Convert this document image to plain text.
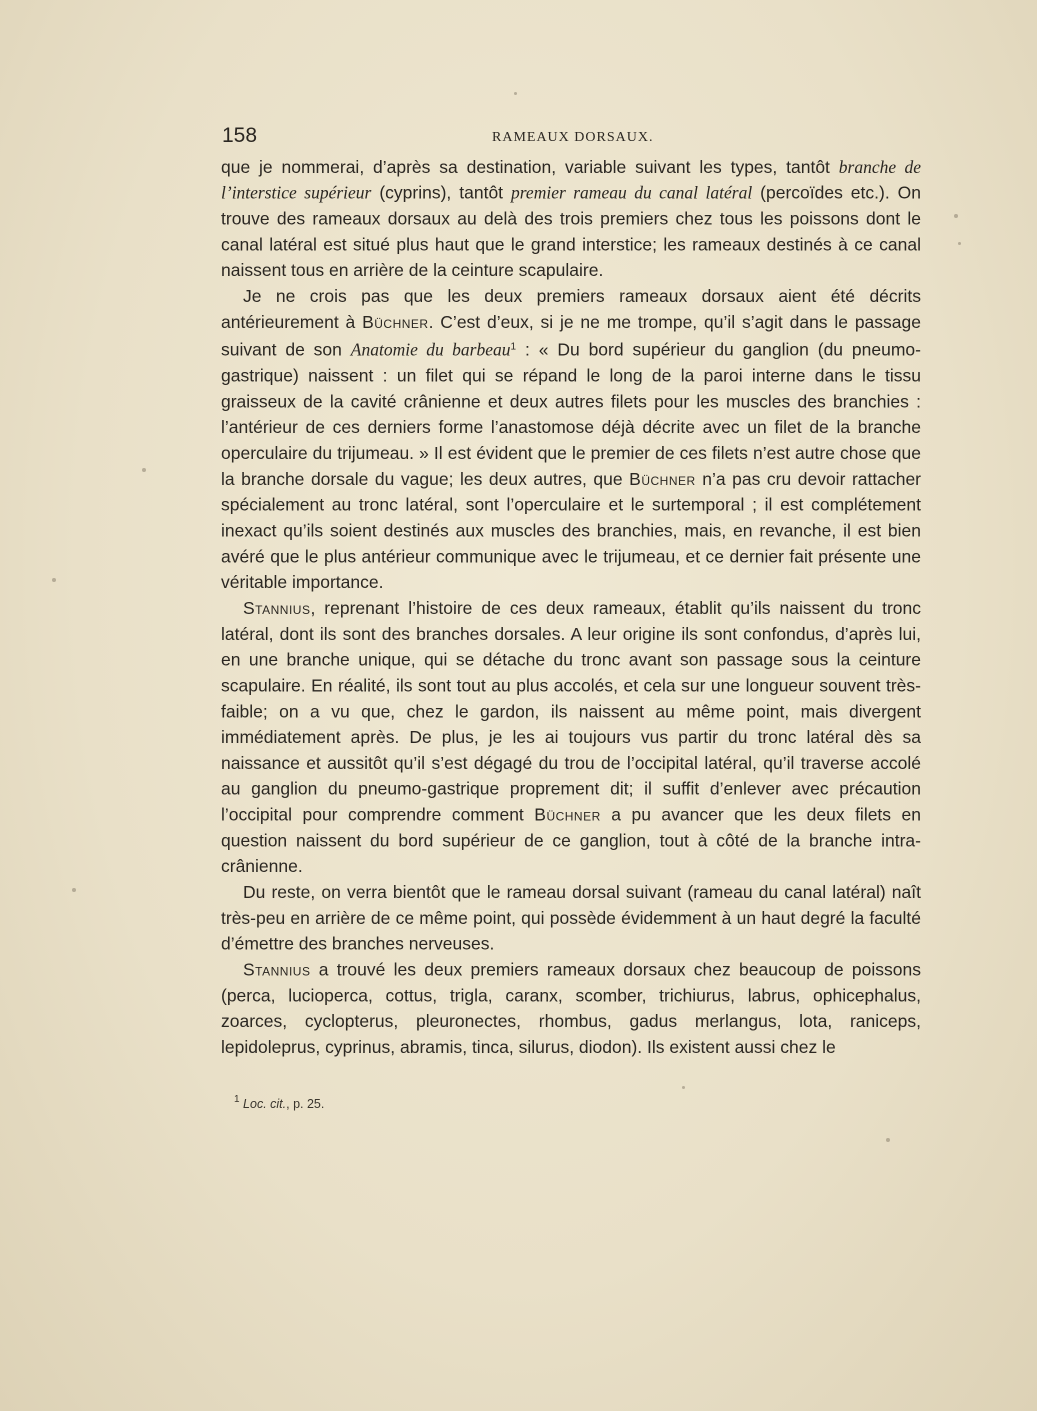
158	RAMEAUX DORSAUX.

que je nommerai, d’après sa destination, variable suivant les types, tantôt branche de l’interstice supérieur (cyprins), tantôt premier rameau du canal latéral (percoïdes etc.). On trouve des rameaux dorsaux au delà des trois premiers chez tous les poissons dont le canal latéral est situé plus haut que le grand interstice; les rameaux destinés à ce canal naissent tous en arrière de la ceinture scapulaire.

Je ne crois pas que les deux premiers rameaux dorsaux aient été décrits antérieurement à Büchner. C’est d’eux, si je ne me trompe, qu’il s’agit dans le passage suivant de son Anatomie du barbeau$^1$ : « Du bord supérieur du ganglion (du pneumo-gastrique) naissent : un filet qui se répand le long de la paroi interne dans le tissu graisseux de la cavité crânienne et deux autres filets pour les muscles des branchies : l’antérieur de ces derniers forme l’anastomose déjà décrite avec un filet de la branche operculaire du trijumeau. » Il est évident que le premier de ces filets n’est autre chose que la branche dorsale du vague; les deux autres, que Büchner n’a pas cru devoir rattacher spécialement au tronc latéral, sont l’operculaire et le surtemporal ; il est complétement inexact qu’ils soient destinés aux muscles des branchies, mais, en revanche, il est bien avéré que le plus antérieur communique avec le trijumeau, et ce dernier fait présente une véritable importance.

Stannius, reprenant l’histoire de ces deux rameaux, établit qu’ils naissent du tronc latéral, dont ils sont des branches dorsales. A leur origine ils sont confondus, d’après lui, en une branche unique, qui se détache du tronc avant son passage sous la ceinture scapulaire. En réalité, ils sont tout au plus accolés, et cela sur une longueur souvent très-faible; on a vu que, chez le gardon, ils naissent au même point, mais divergent immédiatement après. De plus, je les ai toujours vus partir du tronc latéral dès sa naissance et aussitôt qu’il s’est dégagé du trou de l’occipital latéral, qu’il traverse accolé au ganglion du pneumo-gastrique proprement dit; il suffit d’enlever avec précaution l’occipital pour comprendre comment Büchner a pu avancer que les deux filets en question naissent du bord supérieur de ce ganglion, tout à côté de la branche intra-crânienne.

Du reste, on verra bientôt que le rameau dorsal suivant (rameau du canal latéral) naît très-peu en arrière de ce même point, qui possède évidemment à un haut degré la faculté d’émettre des branches nerveuses.

Stannius a trouvé les deux premiers rameaux dorsaux chez beaucoup de poissons (perca, lucioperca, cottus, trigla, caranx, scomber, trichiurus, labrus, ophicephalus, zoarces, cyclopterus, pleuronectes, rhombus, gadus merlangus, lota, raniceps, lepidoleprus, cyprinus, abramis, tinca, silurus, diodon). Ils existent aussi chez le

$^1$ Loc. cit., p. 25.
